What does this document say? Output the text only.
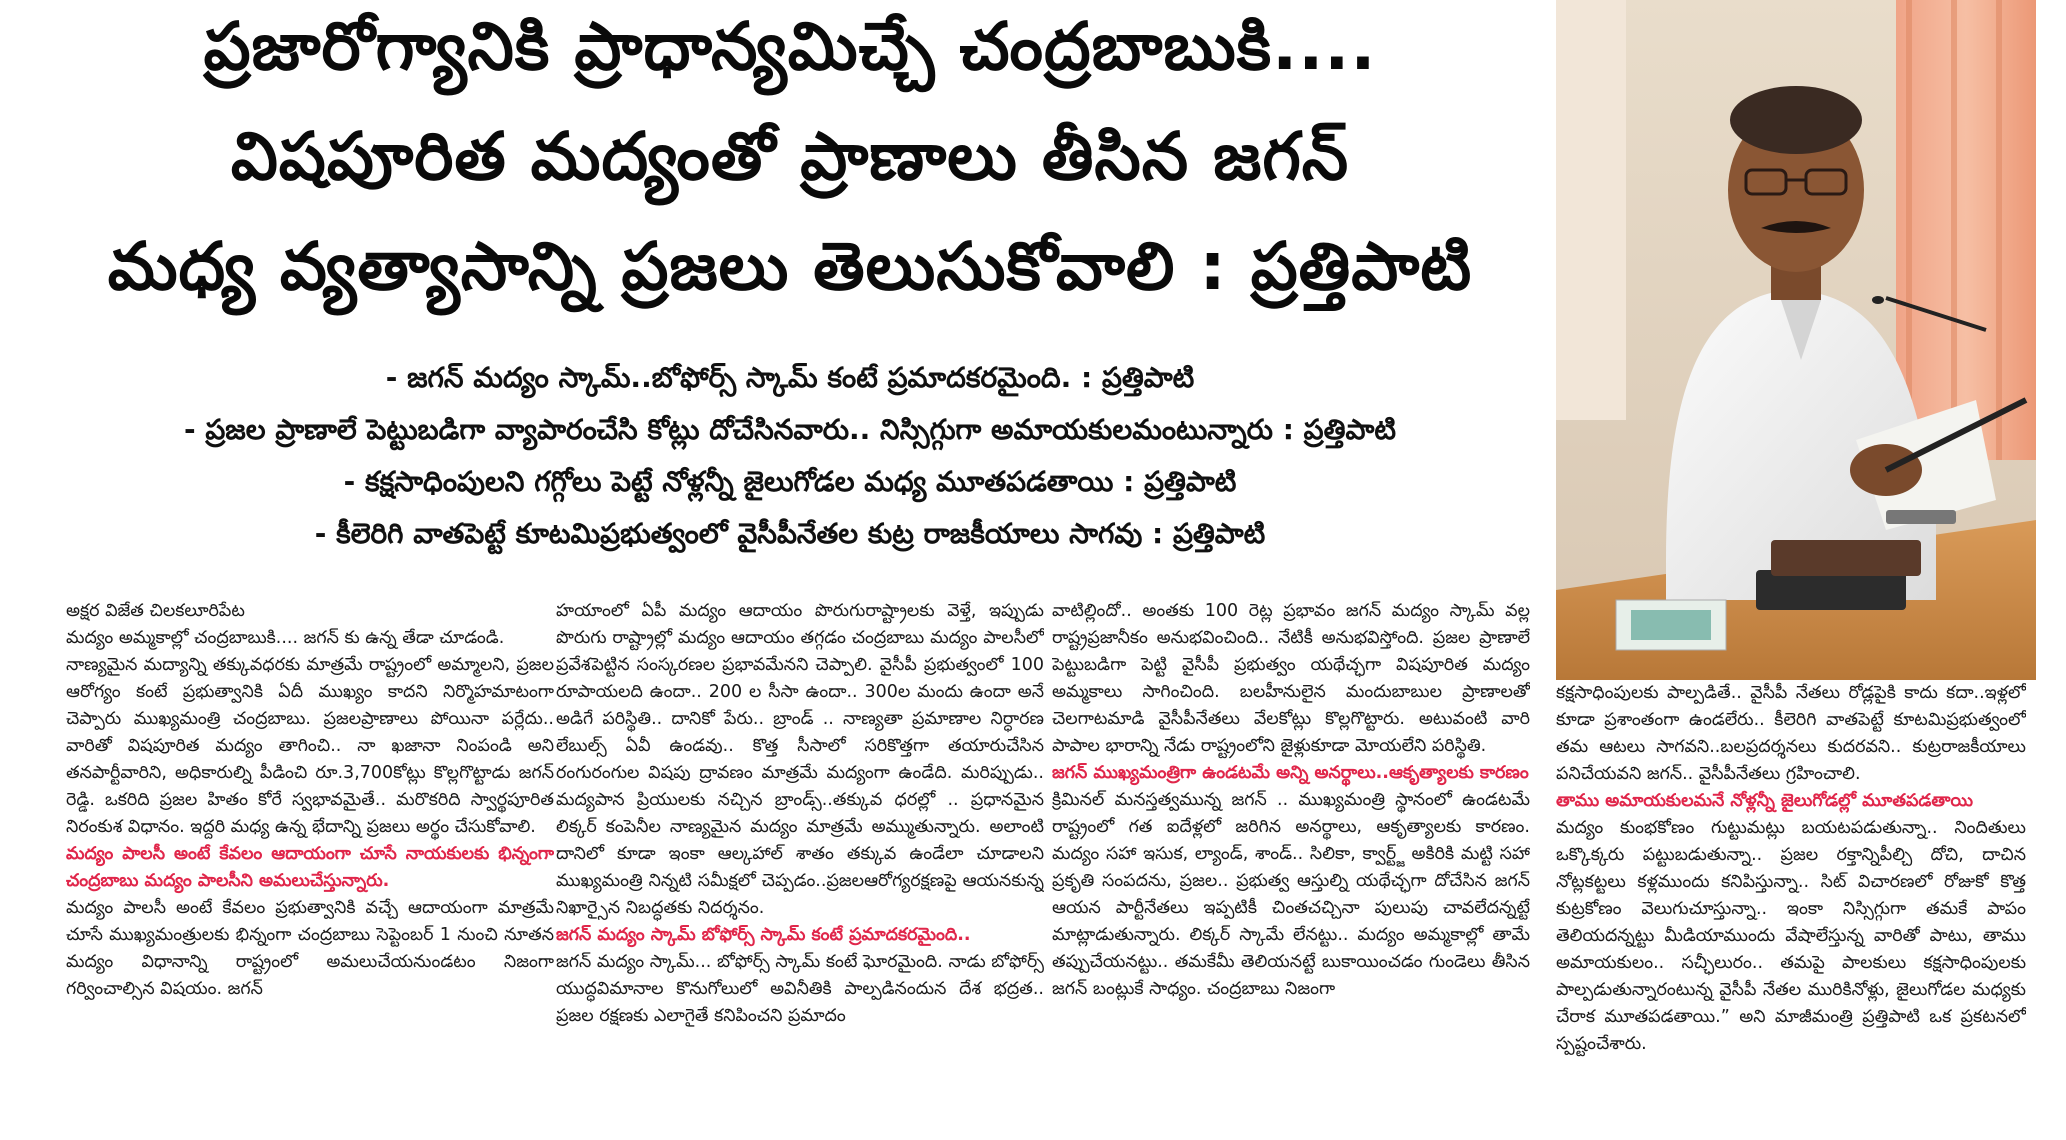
ప్రజారోగ్యానికి ప్రాధాన్యమిచ్చే చంద్రబాబుకి....
విషపూరిత మద్యంతో ప్రాణాలు తీసిన జగన్
మధ్య వ్యత్యాసాన్ని ప్రజలు తెలుసుకోవాలి : ప్రత్తిపాటి
- జగన్ మద్యం స్కామ్..బోఫోర్స్ స్కామ్ కంటే ప్రమాదకరమైంది. : ప్రత్తిపాటి
- ప్రజల ప్రాణాలే పెట్టుబడిగా వ్యాపారంచేసి కోట్లు దోచేసినవారు.. నిస్సిగ్గుగా అమాయకులమంటున్నారు : ప్రత్తిపాటి
- కక్షసాధింపులని గగ్గోలు పెట్టే నోళ్లన్నీ జైలుగోడల మధ్య మూతపడతాయి : ప్రత్తిపాటి
- కీలెరిగి వాతపెట్టే కూటమిప్రభుత్వంలో వైసీపీనేతల కుట్ర రాజకీయాలు సాగవు : ప్రత్తిపాటి

అక్షర విజేత చిలకలూరిపేట

మద్యం అమ్మకాల్లో చంద్రబాబుకి.... జగన్ కు ఉన్న తేడా చూడండి.

నాణ్యమైన మద్యాన్ని తక్కువధరకు మాత్రమే రాష్ట్రంలో అమ్మాలని, ప్రజల ఆరోగ్యం కంటే ప్రభుత్వానికి ఏదీ ముఖ్యం కాదని నిర్మొహమాటంగా చెప్పారు ముఖ్యమంత్రి చంద్రబాబు. ప్రజలప్రాణాలు పోయినా పర్లేదు.. వారితో విషపూరిత మద్యం తాగించి.. నా ఖజానా నింపండి అని తనపార్టీవారిని, అధికారుల్ని పీడించి రూ.3,700కోట్లు కొల్లగొట్టాడు జగన్ రెడ్డి. ఒకరిది ప్రజల హితం కోరే స్వభావమైతే.. మరొకరిది స్వార్థపూరిత నిరంకుశ విధానం. ఇద్దరి మధ్య ఉన్న భేదాన్ని ప్రజలు అర్థం చేసుకోవాలి.

మద్యం పాలసీ అంటే కేవలం ఆదాయంగా చూసే నాయకులకు భిన్నంగా చంద్రబాబు మద్యం పాలసీని అమలుచేస్తున్నారు.

మద్యం పాలసీ అంటే కేవలం ప్రభుత్వానికి వచ్చే ఆదాయంగా మాత్రమే చూసే ముఖ్యమంత్రులకు భిన్నంగా చంద్రబాబు సెప్టెంబర్ 1 నుంచి నూతన మద్యం విధానాన్ని రాష్ట్రంలో అమలుచేయనుండటం నిజంగా గర్వించాల్సిన విషయం. జగన్

హయాంలో ఏపీ మద్యం ఆదాయం పొరుగురాష్ట్రాలకు వెళ్తే, ఇప్పుడు పొరుగు రాష్ట్రాల్లో మద్యం ఆదాయం తగ్గడం చంద్రబాబు మద్యం పాలసీలో ప్రవేశపెట్టిన సంస్కరణల ప్రభావమేనని చెప్పాలి. వైసీపీ ప్రభుత్వంలో 100 రూపాయలది ఉందా.. 200 ల సీసా ఉందా.. 300ల మందు ఉందా అనే అడిగే పరిస్థితి.. దానికో పేరు.. బ్రాండ్ .. నాణ్యతా ప్రమాణాల నిర్ధారణ లేబుల్స్ ఏవీ ఉండవు.. కొత్త సీసాలో సరికొత్తగా తయారుచేసిన రంగురంగుల విషపు ద్రావణం మాత్రమే మద్యంగా ఉండేది. మరిప్పుడు.. మద్యపాన ప్రియులకు నచ్చిన బ్రాండ్స్..తక్కువ ధరల్లో .. ప్రధానమైన లిక్కర్ కంపెనీల నాణ్యమైన మద్యం మాత్రమే అమ్ముతున్నారు. అలాంటి దానిలో కూడా ఇంకా ఆల్కహాల్ శాతం తక్కువ ఉండేలా చూడాలని ముఖ్యమంత్రి నిన్నటి సమీక్షలో చెప్పడం..ప్రజలఆరోగ్యరక్షణపై ఆయనకున్న నిఖార్సైన నిబద్ధతకు నిదర్శనం.

జగన్ మద్యం స్కామ్ బోఫోర్స్ స్కామ్ కంటే ప్రమాదకరమైంది..

జగన్ మద్యం స్కామ్... బోఫోర్స్ స్కామ్ కంటే ఘోరమైంది. నాడు బోఫోర్స్ యుద్ధవిమానాల కొనుగోలులో అవినీతికి పాల్పడినందున దేశ భద్రత.. ప్రజల రక్షణకు ఎలాగైతే కనిపించని ప్రమాదం

వాటిల్లిందో.. అంతకు 100 రెట్ల ప్రభావం జగన్ మద్యం స్కామ్ వల్ల రాష్ట్రప్రజానీకం అనుభవించింది.. నేటికీ అనుభవిస్తోంది. ప్రజల ప్రాణాలే పెట్టుబడిగా పెట్టి వైసీపీ ప్రభుత్వం యథేచ్ఛగా విషపూరిత మద్యం అమ్మకాలు సాగించింది. బలహీనులైన మందుబాబుల ప్రాణాలతో చెలగాటమాడి వైసీపీనేతలు వేలకోట్లు కొల్లగొట్టారు. అటువంటి వారి పాపాల భారాన్ని నేడు రాష్ట్రంలోని జైళ్లుకూడా మోయలేని పరిస్థితి.

జగన్ ముఖ్యమంత్రిగా ఉండటమే అన్ని అనర్థాలు..ఆకృత్యాలకు కారణం

క్రిమినల్ మనస్తత్వమున్న జగన్ .. ముఖ్యమంత్రి స్థానంలో ఉండటమే రాష్ట్రంలో గత ఐదేళ్లలో జరిగిన అనర్థాలు, ఆకృత్యాలకు కారణం. మద్యం సహా ఇసుక, ల్యాండ్, శాండ్.. సిలికా, క్వార్ట్జ్ అకిరికి మట్టి సహా ప్రకృతి సంపదను, ప్రజల.. ప్రభుత్వ ఆస్తుల్ని యథేచ్ఛగా దోచేసిన జగన్ ఆయన పార్టీనేతలు ఇప్పటికీ చింతచచ్చినా పులుపు చావలేదన్నట్టే మాట్లాడుతున్నారు. లిక్కర్ స్కామే లేనట్టు.. మద్యం అమ్మకాల్లో తామే తప్పుచేయనట్టు.. తమకేమీ తెలియనట్టే బుకాయించడం గుండెలు తీసిన జగన్ బంట్లుకే సాధ్యం. చంద్రబాబు నిజంగా

కక్షసాధింపులకు పాల్పడితే.. వైసీపీ నేతలు రోడ్లపైకి కాదు కదా..ఇళ్లలో కూడా ప్రశాంతంగా ఉండలేరు.. కీలెరిగి వాతపెట్టే కూటమిప్రభుత్వంలో తమ ఆటలు సాగవని..బలప్రదర్శనలు కుదరవని.. కుట్రరాజకీయాలు పనిచేయవని జగన్.. వైసీపీనేతలు గ్రహించాలి.

తాము అమాయకులమనే నోళ్లన్నీ జైలుగోడల్లో మూతపడతాయి

మద్యం కుంభకోణం గుట్టుమట్లు బయటపడుతున్నా.. నిందితులు ఒక్కొక్కరు పట్టుబడుతున్నా.. ప్రజల రక్తాన్నిపీల్చి దోచి, దాచిన నోట్లకట్టలు కళ్లముందు కనిపిస్తున్నా.. సిట్ విచారణలో రోజుకో కొత్త కుట్రకోణం వెలుగుచూస్తున్నా.. ఇంకా నిస్సిగ్గుగా తమకే పాపం తెలియదన్నట్టు మీడియాముందు వేషాలేస్తున్న వారితో పాటు, తాము అమాయకులం.. సచ్ఛీలురం.. తమపై పాలకులు కక్షసాధింపులకు పాల్పడుతున్నారంటున్న వైసీపీ నేతల మురికినోళ్లు, జైలుగోడల మధ్యకు చేరాక మూతపడతాయి.” అని మాజీమంత్రి ప్రత్తిపాటి ఒక ప్రకటనలో స్పష్టంచేశారు.
